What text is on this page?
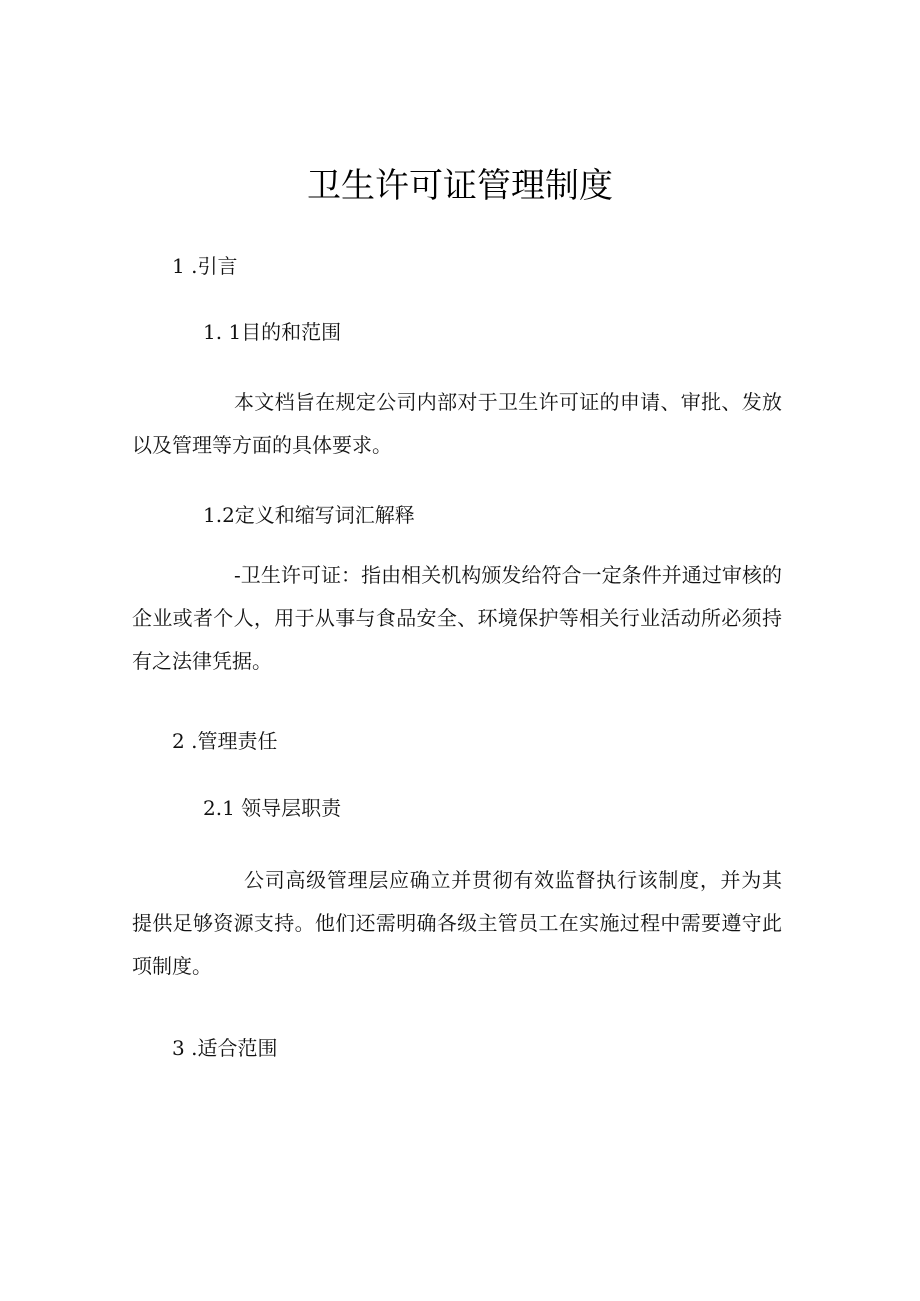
卫生许可证管理制度
1 .引言
1. 1目的和范围
本文档旨在规定公司内部对于卫生许可证的申请、审批、发放以及管理等方面的具体要求。
1.2定义和缩写词汇解释
-卫生许可证：指由相关机构颁发给符合一定条件并通过审核的企业或者个人，用于从事与食品安全、环境保护等相关行业活动所必须持有之法律凭据。
2 .管理责任
2.1 领导层职责
公司高级管理层应确立并贯彻有效监督执行该制度，并为其提供足够资源支持。他们还需明确各级主管员工在实施过程中需要遵守此项制度。
3 .适合范围
